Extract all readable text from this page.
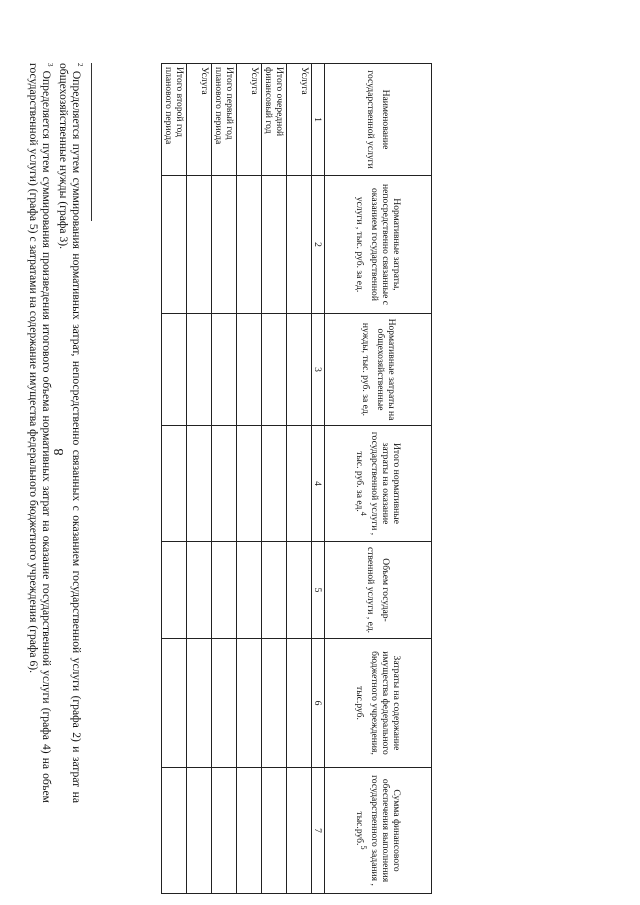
8
Наименование государственной услуги	Нормативные затраты, непосредственно связанные с оказанием государственной услуги , тыс. руб. за ед.	Нормативные затраты на общехозяйственные нужды, тыс. руб. за ед.	Итого нормативные затраты на оказание государственной услуги , тыс. руб. за ед.$^4$	Объем государ-ственной услуги , ед.	Затраты на содержание имущества федерального бюджетного учреждения, тыс.руб.	Сумма финансового обеспечения выполнения государственного задания , тыс.руб.$^5$
1	2	3	4	5	6	7
Услуга						
Итого очередной финансовый год						
Услуга						
Итого первый год планового периода						
Услуга						
Итого второй год планового периода						

$^2$ Определяется путем суммирования нормативных затрат, непосредственно связанных с оказанием государственной услуги (графа 2) и затрат на общехозяйственные нужды (графа 3).

$^3$ Определяется путем суммирования произведения итогового объема нормативных затрат на оказание государственной услуги (графа 4) на объем государственной услуги) (графа 5) с затратами на содержание имущества федерального бюджетного учреждения (графа 6).
